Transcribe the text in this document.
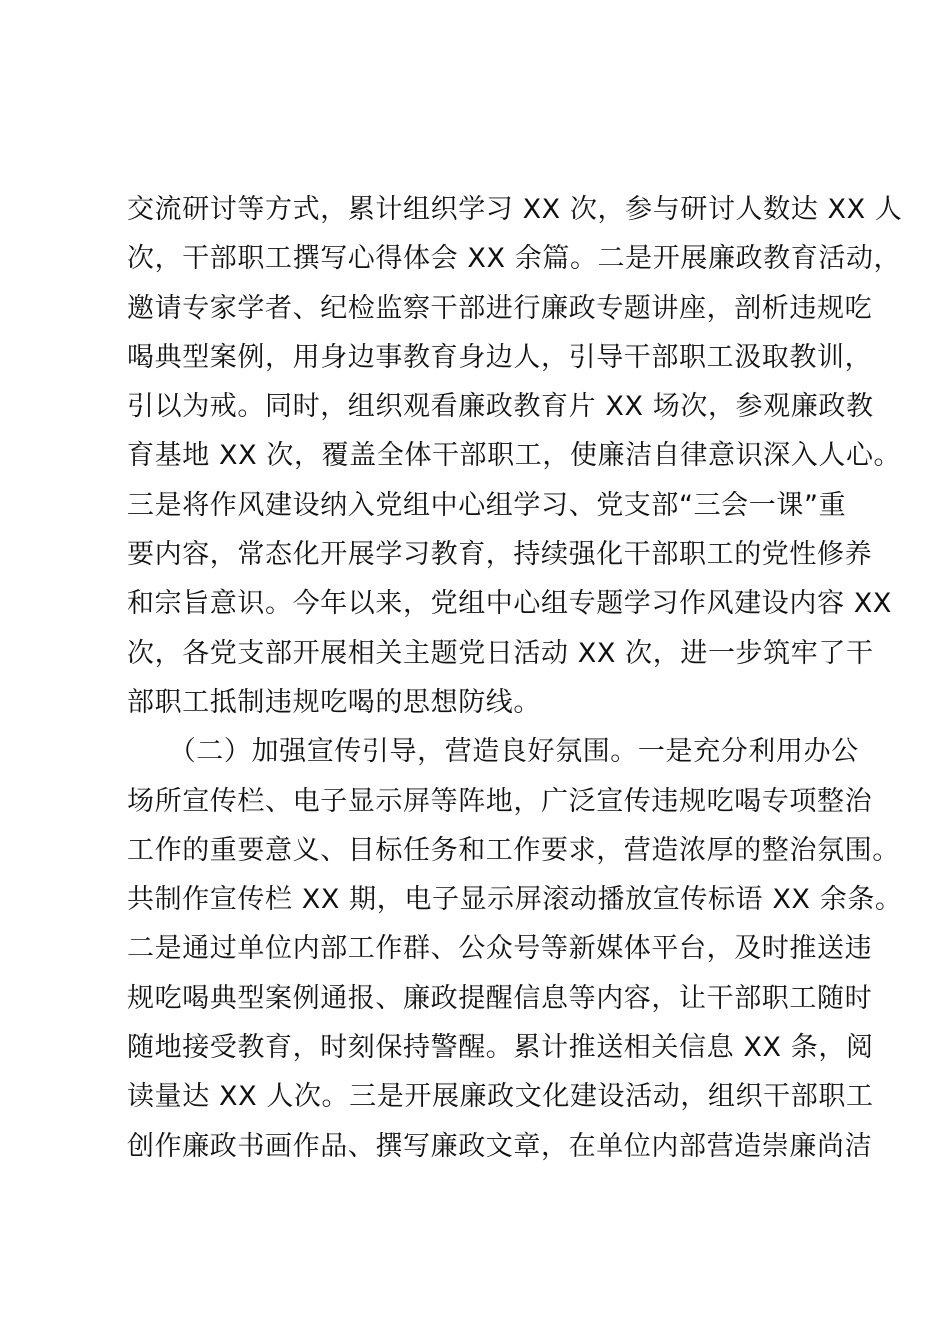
交流研讨等方式，累计组织学习 XX 次，参与研讨人数达 XX 人
次，干部职工撰写心得体会 XX 余篇。二是开展廉政教育活动，
邀请专家学者、纪检监察干部进行廉政专题讲座，剖析违规吃
喝典型案例，用身边事教育身边人，引导干部职工汲取教训，
引以为戒。同时，组织观看廉政教育片 XX 场次，参观廉政教
育基地 XX 次，覆盖全体干部职工，使廉洁自律意识深入人心。
三是将作风建设纳入党组中心组学习、党支部“三会一课”重
要内容，常态化开展学习教育，持续强化干部职工的党性修养
和宗旨意识。今年以来，党组中心组专题学习作风建设内容 XX
次，各党支部开展相关主题党日活动 XX 次，进一步筑牢了干
部职工抵制违规吃喝的思想防线。
　　（二）加强宣传引导，营造良好氛围。一是充分利用办公
场所宣传栏、电子显示屏等阵地，广泛宣传违规吃喝专项整治
工作的重要意义、目标任务和工作要求，营造浓厚的整治氛围。
共制作宣传栏 XX 期，电子显示屏滚动播放宣传标语 XX 余条。
二是通过单位内部工作群、公众号等新媒体平台，及时推送违
规吃喝典型案例通报、廉政提醒信息等内容，让干部职工随时
随地接受教育，时刻保持警醒。累计推送相关信息 XX 条，阅
读量达 XX 人次。三是开展廉政文化建设活动，组织干部职工
创作廉政书画作品、撰写廉政文章，在单位内部营造崇廉尚洁
